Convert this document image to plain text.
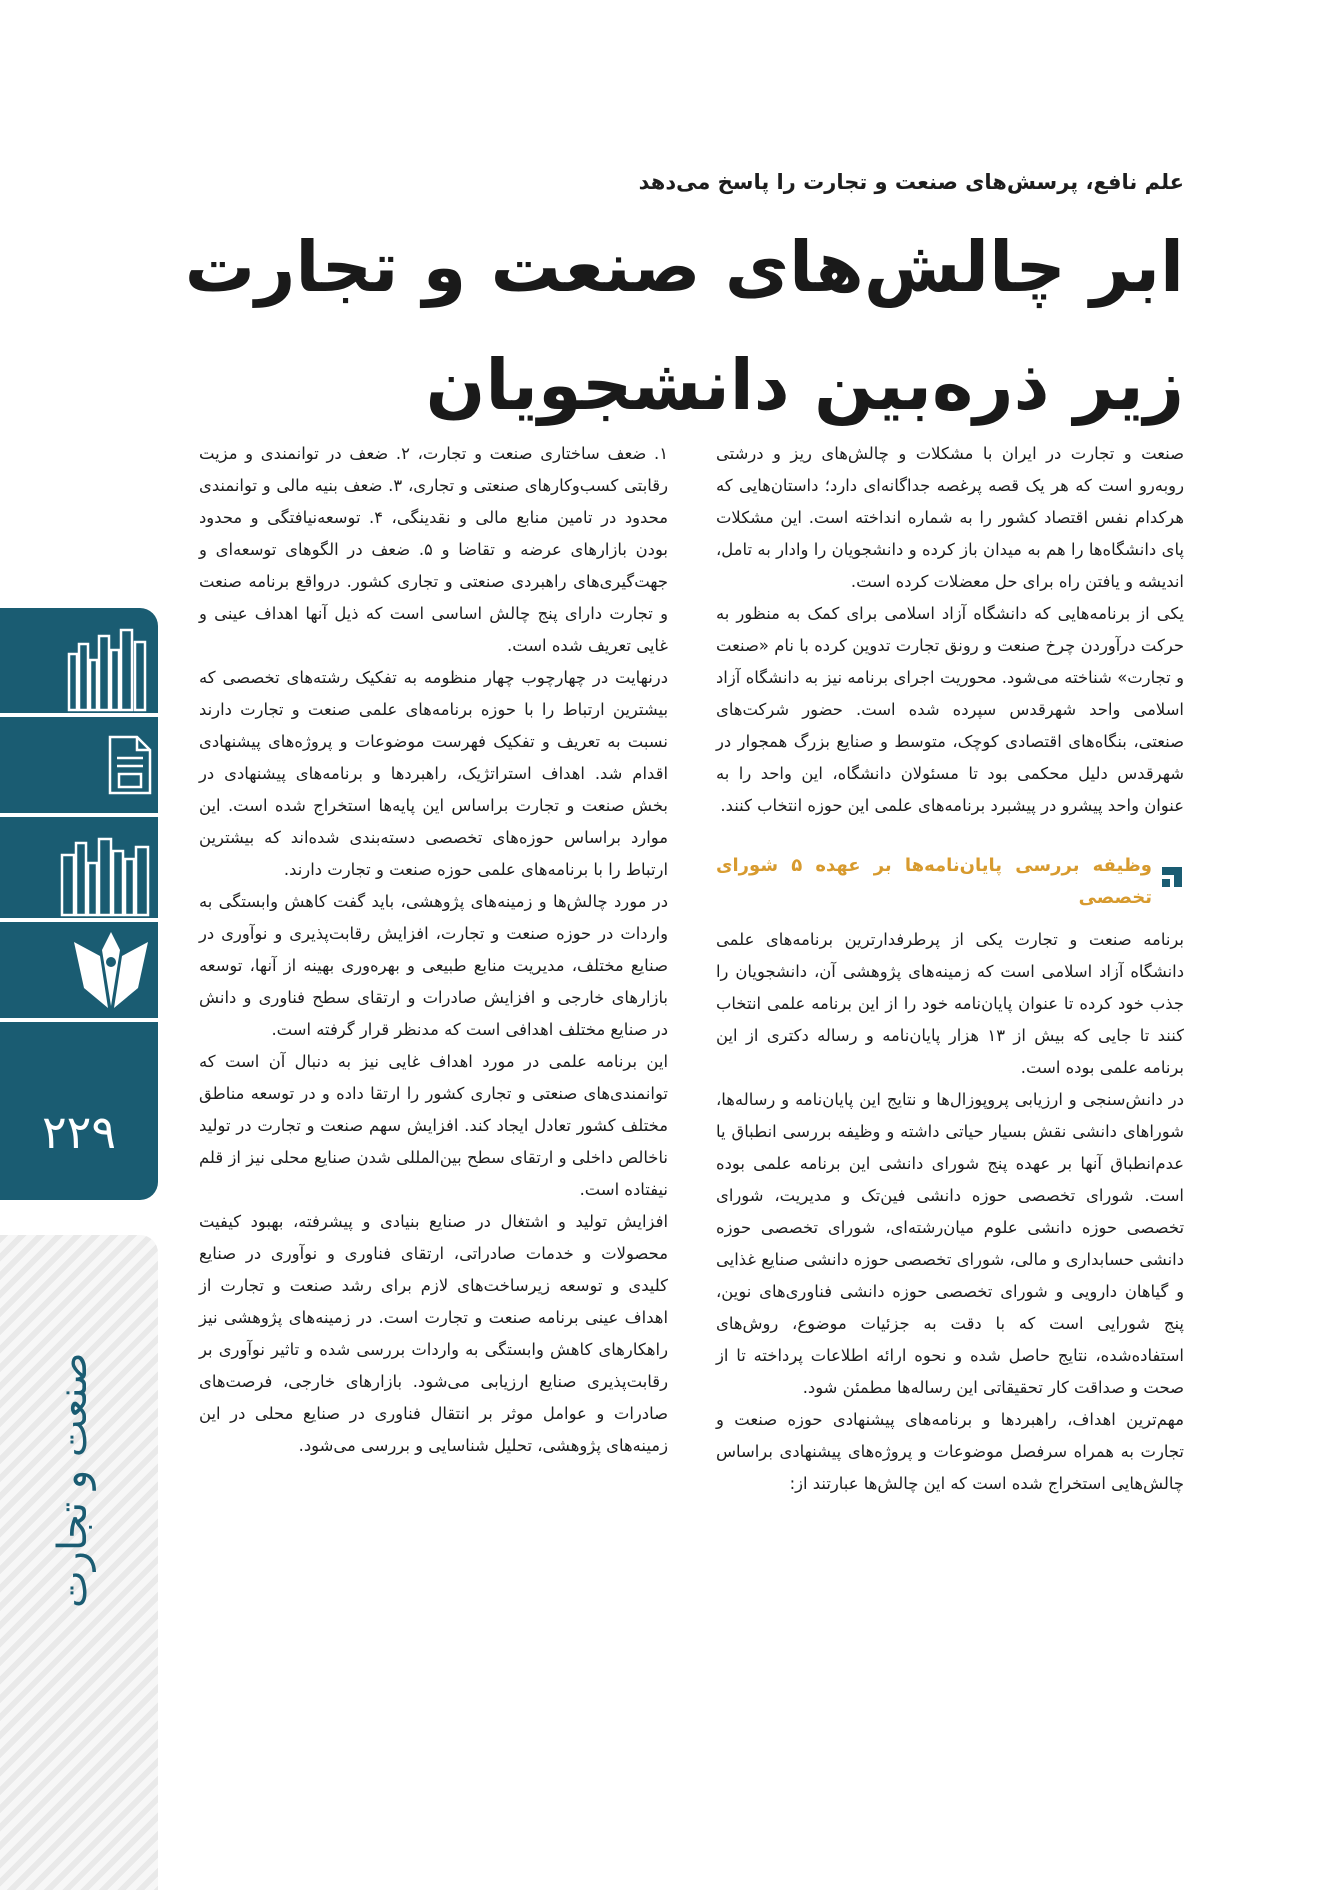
۲۲۹
صنعت و تجارت
علم نافع، پرسش‌های صنعت و تجارت را پاسخ می‌دهد
ابر چالش‌های صنعت و تجارت
زیر ذره‌بین دانشجویان

صنعت و تجارت در ایران با مشکلات و چالش‌های ریز و درشتی روبه‌رو است که هر یک قصه پرغصه جداگانه‌ای دارد؛ داستان‌هایی که هرکدام نفس اقتصاد کشور را به شماره انداخته است. این مشکلات پای دانشگاه‌ها را هم به میدان باز کرده و دانشجویان را وادار به تامل، اندیشه و یافتن راه برای حل معضلات کرده است.

یکی از برنامه‌هایی که دانشگاه آزاد اسلامی برای کمک به منظور به حرکت درآوردن چرخ صنعت و رونق تجارت تدوین کرده با نام «صنعت و تجارت» شناخته می‌شود. محوریت اجرای برنامه نیز به دانشگاه آزاد اسلامی واحد شهرقدس سپرده شده است. حضور شرکت‌های صنعتی، بنگاه‌های اقتصادی کوچک، متوسط و صنایع بزرگ همجوار در شهرقدس دلیل محکمی بود تا مسئولان دانشگاه، این واحد را به عنوان واحد پیشرو در پیشبرد برنامه‌های علمی این حوزه انتخاب کنند.

وظیفه بررسی پایان‌نامه‌ها بر عهده ۵ شورای تخصصی

برنامه صنعت و تجارت یکی از پرطرفدارترین برنامه‌های علمی دانشگاه آزاد اسلامی است که زمینه‌های پژوهشی آن، دانشجویان را جذب خود کرده تا عنوان پایان‌نامه خود را از این برنامه علمی انتخاب کنند تا جایی که بیش از ۱۳ هزار پایان‌نامه و رساله دکتری از این برنامه علمی بوده است.

در دانش‌سنجی و ارزیابی پروپوزال‌ها و نتایج این پایان‌نامه و رساله‌ها، شوراهای دانشی نقش بسیار حیاتی داشته و وظیفه بررسی انطباق یا عدم‌انطباق آنها بر عهده پنج شورای دانشی این برنامه علمی بوده است. شورای تخصصی حوزه دانشی فین‌تک و مدیریت، شورای تخصصی حوزه دانشی علوم میان‌رشته‌ای، شورای تخصصی حوزه دانشی حسابداری و مالی، شورای تخصصی حوزه دانشی صنایع غذایی و گیاهان دارویی و شورای تخصصی حوزه دانشی فناوری‌های نوین، پنج شورایی است که با دقت به جزئیات موضوع، روش‌های استفاده‌شده، نتایج حاصل شده و نحوه ارائه اطلاعات پرداخته تا از صحت و صداقت کار تحقیقاتی این رساله‌ها مطمئن شود.

مهم‌ترین اهداف، راهبردها و برنامه‌های پیشنهادی حوزه صنعت و تجارت به همراه سرفصل موضوعات و پروژه‌های پیشنهادی براساس چالش‌هایی استخراج شده است که این چالش‌ها عبارتند از:

۱. ضعف ساختاری صنعت و تجارت، ۲. ضعف در توانمندی و مزیت رقابتی کسب‌وکارهای صنعتی و تجاری، ۳. ضعف بنیه مالی و توانمندی محدود در تامین منابع مالی و نقدینگی، ۴. توسعه‌نیافتگی و محدود بودن بازارهای عرضه و تقاضا و ۵. ضعف در الگوهای توسعه‌ای و جهت‌گیری‌های راهبردی صنعتی و تجاری کشور. درواقع برنامه صنعت و تجارت دارای پنج چالش اساسی است که ذیل آنها اهداف عینی و غایی تعریف شده است.

درنهایت در چهارچوب چهار منظومه به تفکیک رشته‌های تخصصی که بیشترین ارتباط را با حوزه برنامه‌های علمی صنعت و تجارت دارند نسبت به تعریف و تفکیک فهرست موضوعات و پروژه‌های پیشنهادی اقدام شد. اهداف استراتژیک، راهبردها و برنامه‌های پیشنهادی در بخش صنعت و تجارت براساس این پایه‌ها استخراج شده است. این موارد براساس حوزه‌های تخصصی دسته‌بندی شده‌اند که بیشترین ارتباط را با برنامه‌های علمی حوزه صنعت و تجارت دارند.

در مورد چالش‌ها و زمینه‌های پژوهشی، باید گفت کاهش وابستگی به واردات در حوزه صنعت و تجارت، افزایش رقابت‌پذیری و نوآوری در صنایع مختلف، مدیریت منابع طبیعی و بهره‌وری بهینه از آنها، توسعه بازارهای خارجی و افزایش صادرات و ارتقای سطح فناوری و دانش در صنایع مختلف اهدافی است که مدنظر قرار گرفته است.

این برنامه علمی در مورد اهداف غایی نیز به دنبال آن است که توانمندی‌های صنعتی و تجاری کشور را ارتقا داده و در توسعه مناطق مختلف کشور تعادل ایجاد کند. افزایش سهم صنعت و تجارت در تولید ناخالص داخلی و ارتقای سطح بین‌المللی شدن صنایع محلی نیز از قلم نیفتاده است.

افزایش تولید و اشتغال در صنایع بنیادی و پیشرفته، بهبود کیفیت محصولات و خدمات صادراتی، ارتقای فناوری و نوآوری در صنایع کلیدی و توسعه زیرساخت‌های لازم برای رشد صنعت و تجارت از اهداف عینی برنامه صنعت و تجارت است. در زمینه‌های پژوهشی نیز راهکارهای کاهش وابستگی به واردات بررسی شده و تاثیر نوآوری بر رقابت‌پذیری صنایع ارزیابی می‌شود. بازارهای خارجی، فرصت‌های صادرات و عوامل موثر بر انتقال فناوری در صنایع محلی در این زمینه‌های پژوهشی، تحلیل شناسایی و بررسی می‌شود.
